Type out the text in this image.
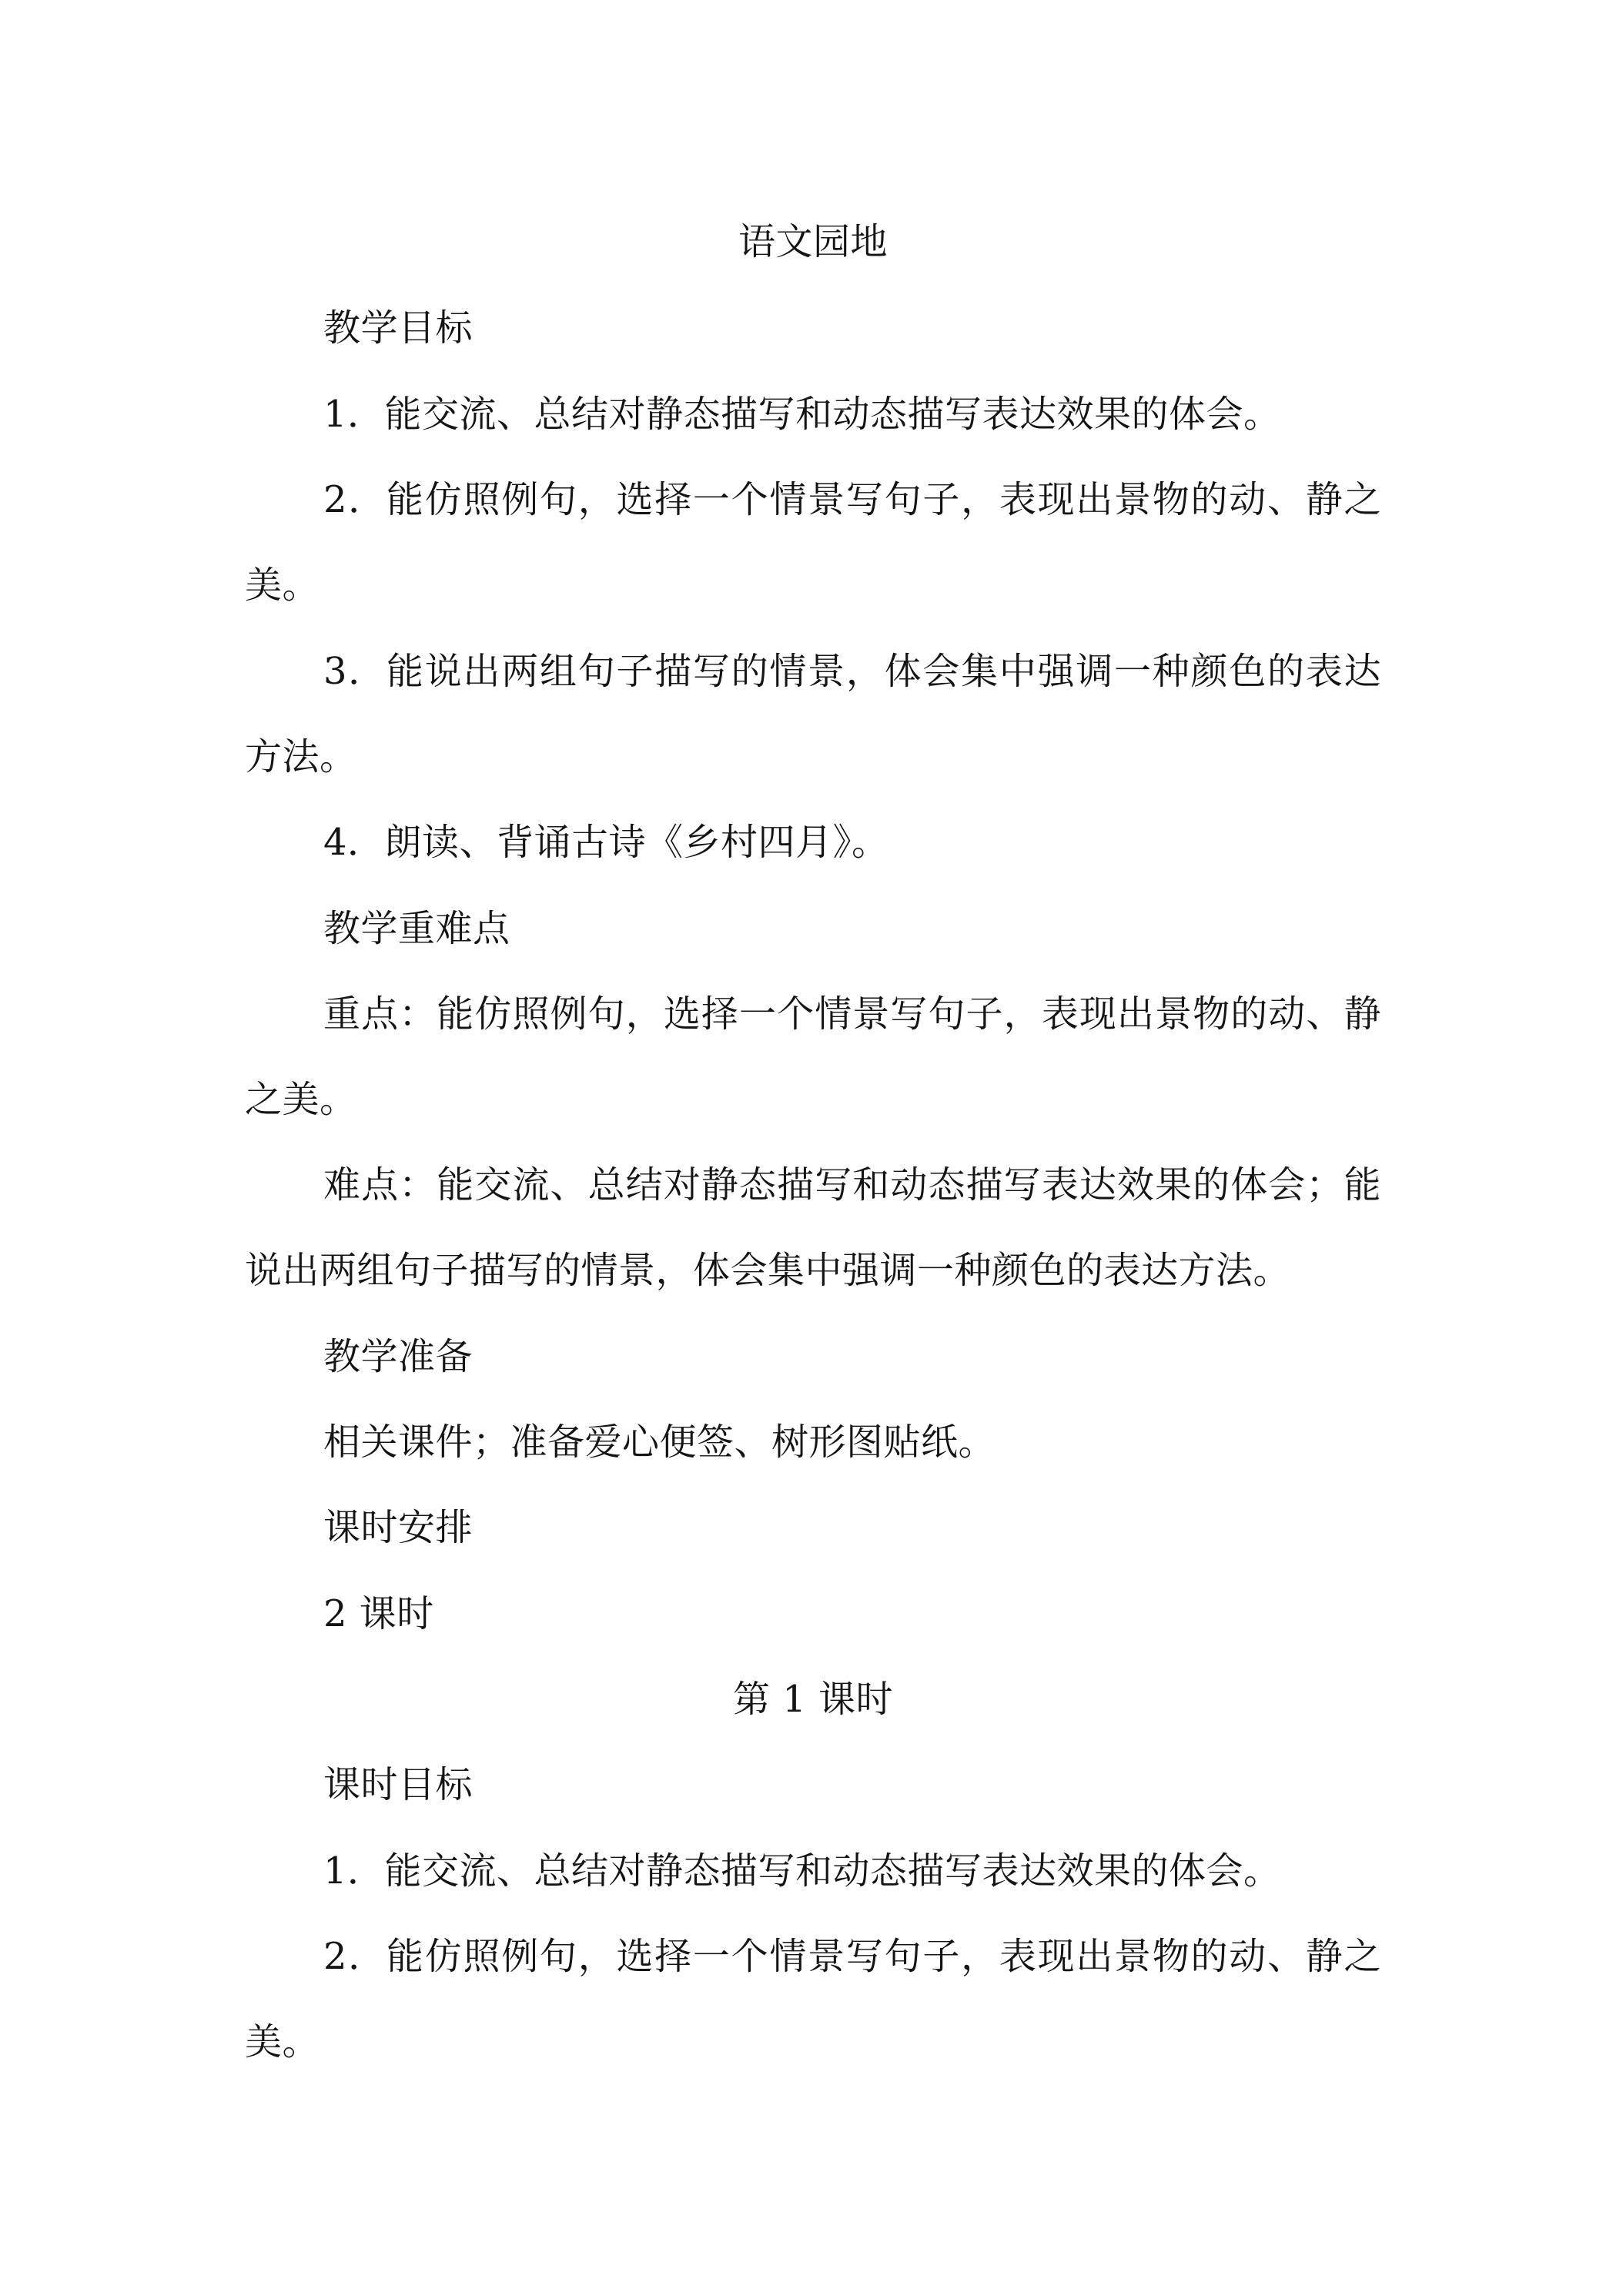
语文园地
教学目标
1．能交流、总结对静态描写和动态描写表达效果的体会。
2．能仿照例句，选择一个情景写句子，表现出景物的动、静之
美。
3．能说出两组句子描写的情景，体会集中强调一种颜色的表达
方法。
4．朗读、背诵古诗《乡村四月》。
教学重难点
重点：能仿照例句，选择一个情景写句子，表现出景物的动、静
之美。
难点：能交流、总结对静态描写和动态描写表达效果的体会；能
说出两组句子描写的情景，体会集中强调一种颜色的表达方法。
教学准备
相关课件；准备爱心便签、树形图贴纸。
课时安排
2 课时
第 1 课时
课时目标
1．能交流、总结对静态描写和动态描写表达效果的体会。
2．能仿照例句，选择一个情景写句子，表现出景物的动、静之
美。
